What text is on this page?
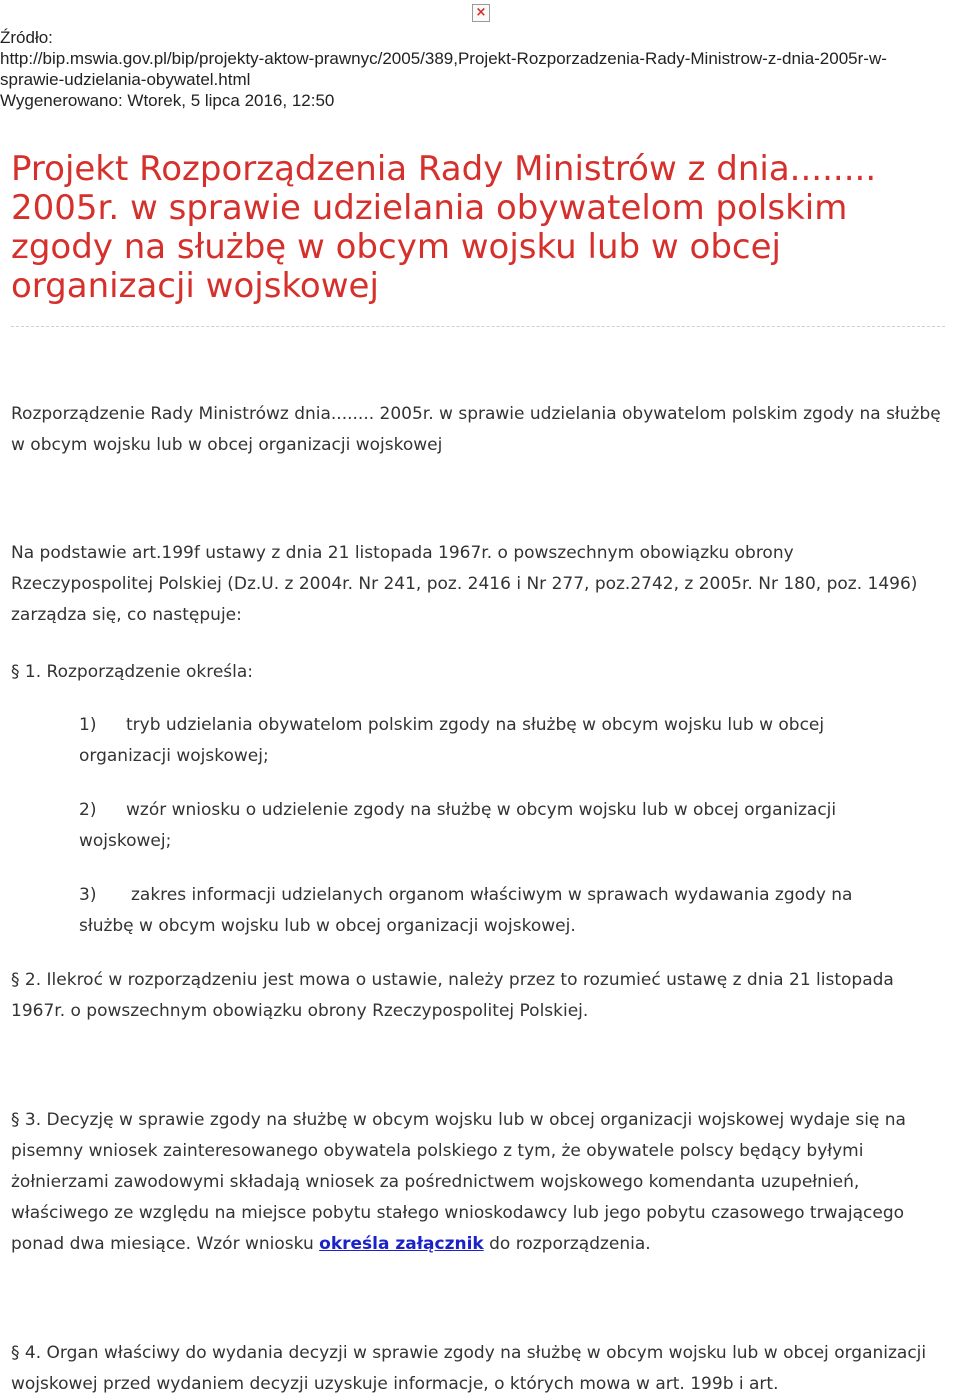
×
Źródło:
http://bip.mswia.gov.pl/bip/projekty-aktow-prawnyc/2005/389,Projekt-Rozporzadzenia-Rady-Ministrow-z-dnia-2005r-w-
sprawie-udzielania-obywatel.html
Wygenerowano: Wtorek, 5 lipca 2016, 12:50
Projekt Rozporządzenia Rady Ministrów z dnia........ 2005r. w sprawie udzielania obywatelom polskim zgody na służbę w obcym wojsku lub w obcej organizacji wojskowej

Rozporządzenie Rady Ministrówz dnia........ 2005r. w sprawie udzielania obywatelom polskim zgody na służbę w obcym wojsku lub w obcej organizacji wojskowej

Na podstawie art.199f ustawy z dnia 21 listopada 1967r. o powszechnym obowiązku obrony Rzeczypospolitej Polskiej (Dz.U. z 2004r. Nr 241, poz. 2416 i Nr 277, poz.2742, z 2005r. Nr 180, poz. 1496) zarządza się, co następuje:

§ 1. Rozporządzenie określa:

1) tryb udzielania obywatelom polskim zgody na służbę w obcym wojsku lub w obcej organizacji wojskowej;

2) wzór wniosku o udzielenie zgody na służbę w obcym wojsku lub w obcej organizacji wojskowej;

3) zakres informacji udzielanych organom właściwym w sprawach wydawania zgody na służbę w obcym wojsku lub w obcej organizacji wojskowej.

§ 2. Ilekroć w rozporządzeniu jest mowa o ustawie, należy przez to rozumieć ustawę z dnia 21 listopada 1967r. o powszechnym obowiązku obrony Rzeczypospolitej Polskiej.

§ 3. Decyzję w sprawie zgody na służbę w obcym wojsku lub w obcej organizacji wojskowej wydaje się na pisemny wniosek zainteresowanego obywatela polskiego z tym, że obywatele polscy będący byłymi żołnierzami zawodowymi składają wniosek za pośrednictwem wojskowego komendanta uzupełnień, właściwego ze względu na miejsce pobytu stałego wnioskodawcy lub jego pobytu czasowego trwającego ponad dwa miesiące. Wzór wniosku określa załącznik do rozporządzenia.

§ 4. Organ właściwy do wydania decyzji w sprawie zgody na służbę w obcym wojsku lub w obcej organizacji wojskowej przed wydaniem decyzji uzyskuje informacje, o których mowa w art. 199b i art.
